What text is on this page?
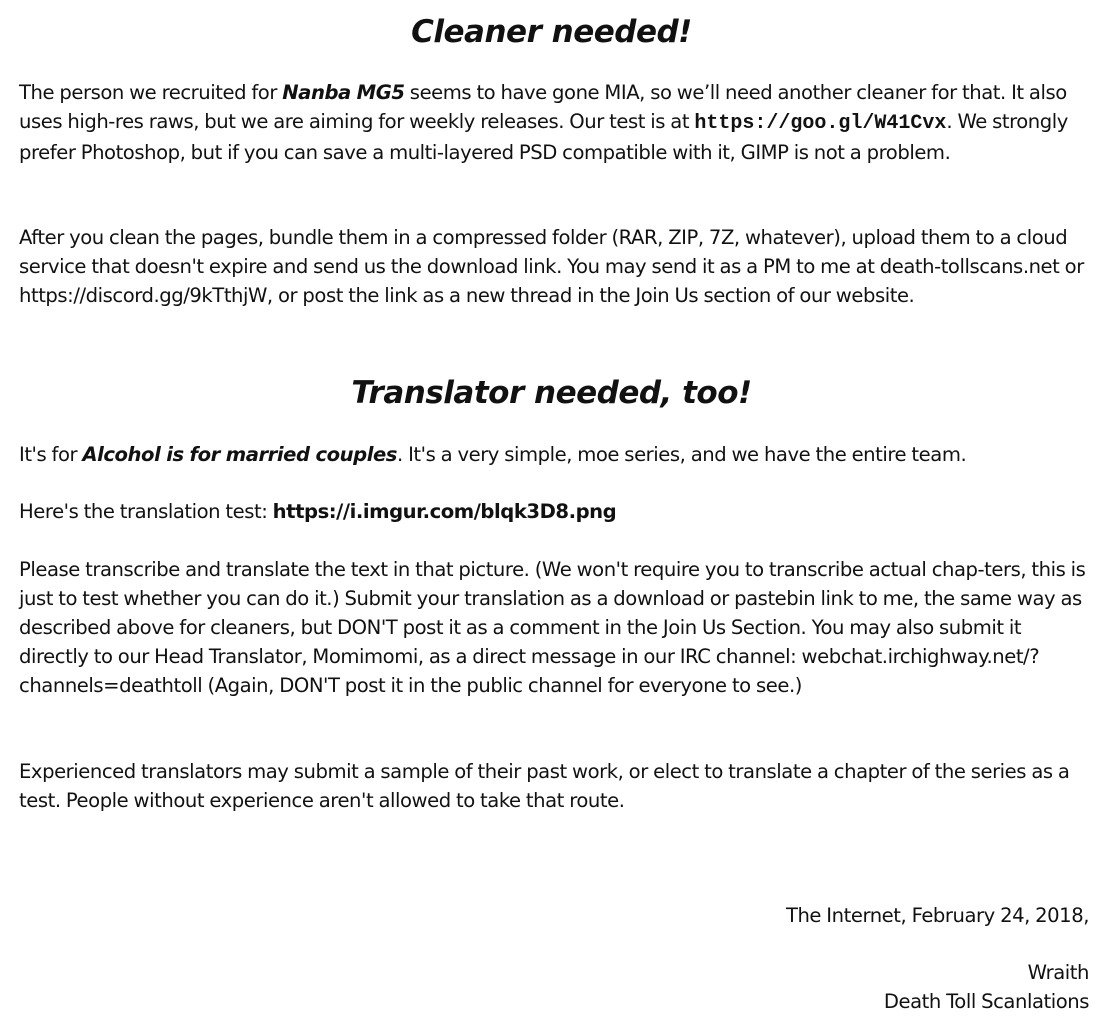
Cleaner needed!

The person we recruited for Nanba MG5 seems to have gone MIA, so we’ll need another cleaner for that. It also uses high-res raws, but we are aiming for weekly releases. Our test is at https://goo.gl/W41Cvx. We strongly prefer Photoshop, but if you can save a multi-layered PSD compatible with it, GIMP is not a problem.

After you clean the pages, bundle them in a compressed folder (RAR, ZIP, 7Z, whatever), upload them to a cloud service that doesn't expire and send us the download link. You may send it as a PM to me at death-tollscans.net or https://discord.gg/9kTthjW, or post the link as a new thread in the Join Us section of our website.

Translator needed, too!

It's for Alcohol is for married couples. It's a very simple, moe series, and we have the entire team.

Here's the translation test: https://i.imgur.com/blqk3D8.png

Please transcribe and translate the text in that picture. (We won't require you to transcribe actual chap-ters, this is just to test whether you can do it.) Submit your translation as a download or pastebin link to me, the same way as described above for cleaners, but DON'T post it as a comment in the Join Us Section. You may also submit it directly to our Head Translator, Momimomi, as a direct message in our IRC channel: webchat.irchighway.net/?channels=deathtoll (Again, DON'T post it in the public channel for everyone to see.)

Experienced translators may submit a sample of their past work, or elect to translate a chapter of the series as a test. People without experience aren't allowed to take that route.

The Internet, February 24, 2018,

Wraith

Death Toll Scanlations
